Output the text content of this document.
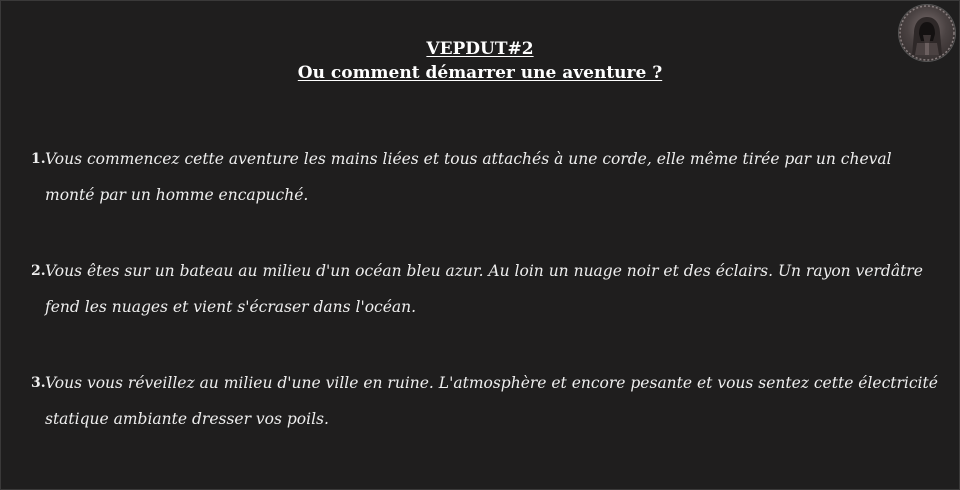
VEPDUT#2
Ou comment démarrer une aventure ?
1. Vous commencez cette aventure les mains liées et tous attachés à une corde, elle même tirée par un cheval monté par un homme encapuché.
2. Vous êtes sur un bateau au milieu d'un océan bleu azur. Au loin un nuage noir et des éclairs. Un rayon verdâtre fend les nuages et vient s'écraser dans l'océan.
3. Vous vous réveillez au milieu d'une ville en ruine. L'atmosphère et encore pesante et vous sentez cette électricité statique ambiante dresser vos poils.
